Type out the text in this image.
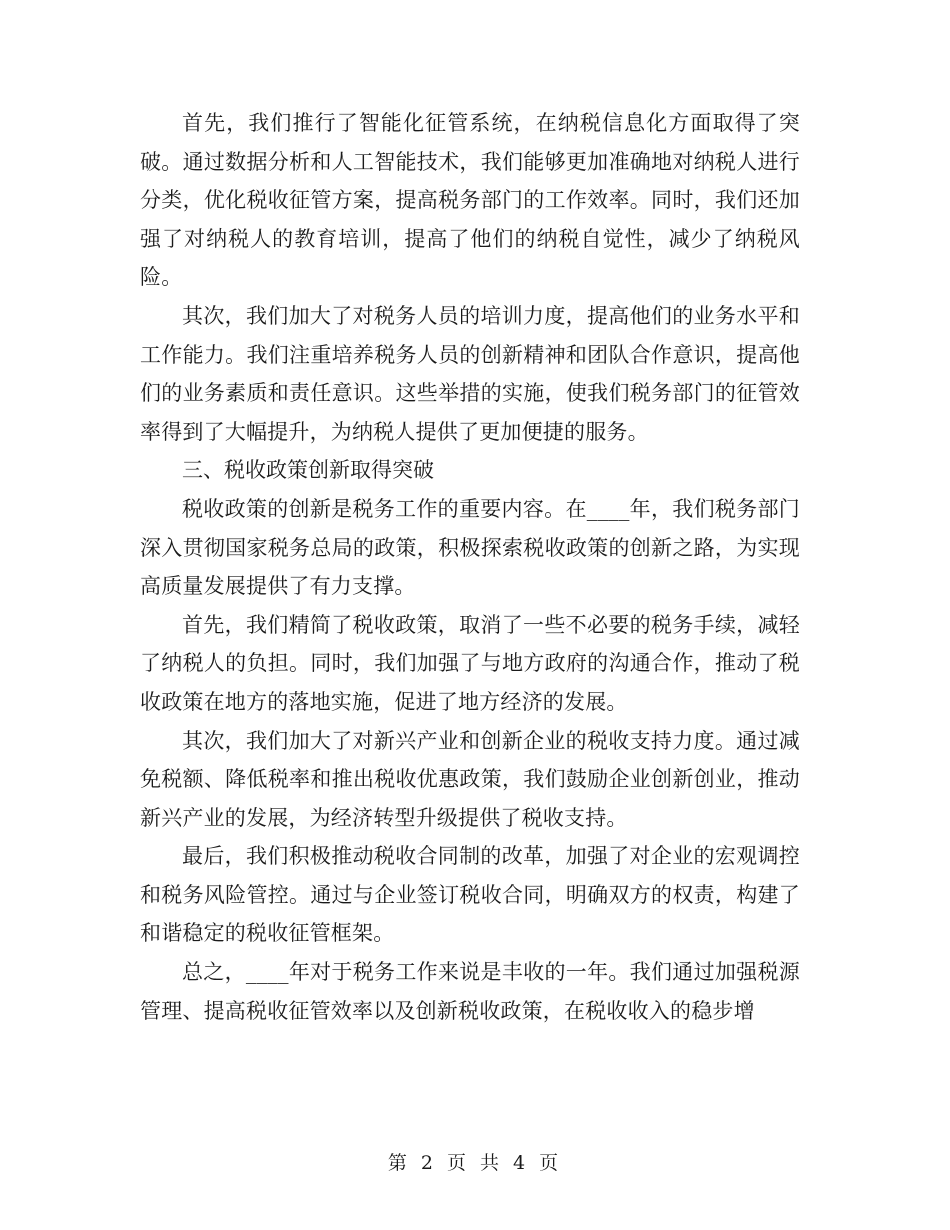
首先，我们推行了智能化征管系统，在纳税信息化方面取得了突破。通过数据分析和人工智能技术，我们能够更加准确地对纳税人进行分类，优化税收征管方案，提高税务部门的工作效率。同时，我们还加强了对纳税人的教育培训，提高了他们的纳税自觉性，减少了纳税风险。

其次，我们加大了对税务人员的培训力度，提高他们的业务水平和工作能力。我们注重培养税务人员的创新精神和团队合作意识，提高他们的业务素质和责任意识。这些举措的实施，使我们税务部门的征管效率得到了大幅提升，为纳税人提供了更加便捷的服务。

三、税收政策创新取得突破

税收政策的创新是税务工作的重要内容。在____年，我们税务部门深入贯彻国家税务总局的政策，积极探索税收政策的创新之路，为实现高质量发展提供了有力支撑。

首先，我们精简了税收政策，取消了一些不必要的税务手续，减轻了纳税人的负担。同时，我们加强了与地方政府的沟通合作，推动了税收政策在地方的落地实施，促进了地方经济的发展。

其次，我们加大了对新兴产业和创新企业的税收支持力度。通过减免税额、降低税率和推出税收优惠政策，我们鼓励企业创新创业，推动新兴产业的发展，为经济转型升级提供了税收支持。

最后，我们积极推动税收合同制的改革，加强了对企业的宏观调控和税务风险管控。通过与企业签订税收合同，明确双方的权责，构建了和谐稳定的税收征管框架。

总之，____年对于税务工作来说是丰收的一年。我们通过加强税源管理、提高税收征管效率以及创新税收政策，在税收收入的稳步增

第 2 页 共 4 页
